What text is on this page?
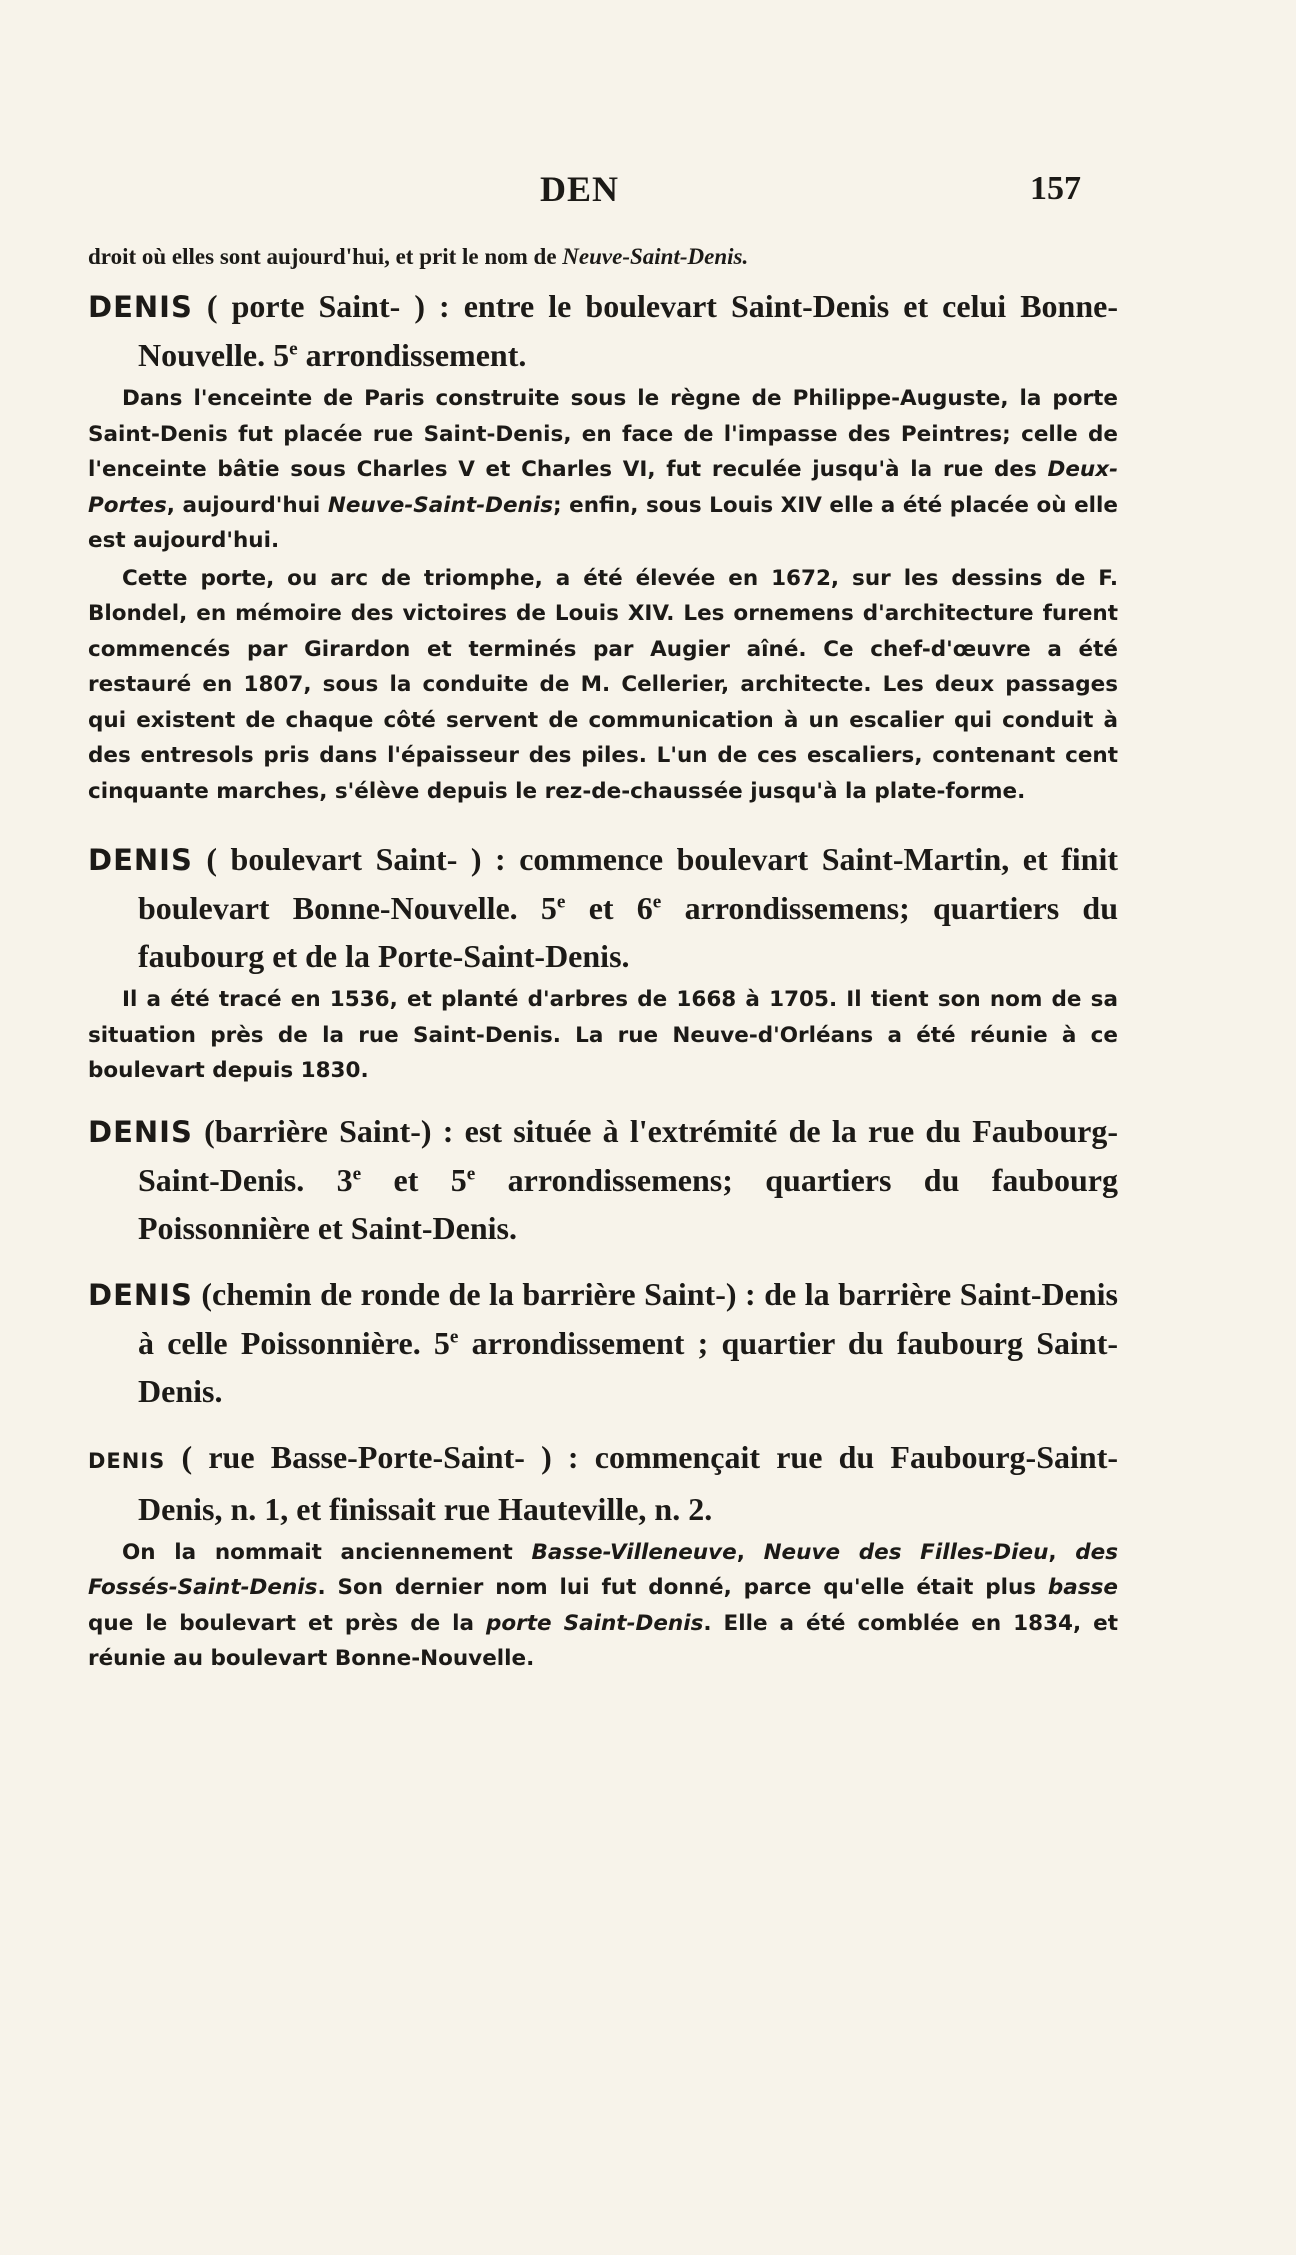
DEN	157
droit où elles sont aujourd'hui, et prit le nom de Neuve-Saint-Denis.
DENIS ( porte Saint- ) : entre le boulevart Saint-Denis et celui Bonne-Nouvelle. 5e arrondissement.

Dans l'enceinte de Paris construite sous le règne de Philippe-Auguste, la porte Saint-Denis fut placée rue Saint-Denis, en face de l'impasse des Peintres; celle de l'enceinte bâtie sous Charles V et Charles VI, fut reculée jusqu'à la rue des Deux-Portes, aujourd'hui Neuve-Saint-Denis; enfin, sous Louis XIV elle a été placée où elle est aujourd'hui.

Cette porte, ou arc de triomphe, a été élevée en 1672, sur les dessins de F. Blondel, en mémoire des victoires de Louis XIV. Les ornemens d'architecture furent commencés par Girardon et terminés par Augier aîné. Ce chef-d'œuvre a été restauré en 1807, sous la conduite de M. Cellerier, architecte. Les deux passages qui existent de chaque côté servent de communication à un escalier qui conduit à des entresols pris dans l'épaisseur des piles. L'un de ces escaliers, contenant cent cinquante marches, s'élève depuis le rez-de-chaussée jusqu'à la plate-forme.

DENIS ( boulevart Saint- ) : commence boulevart Saint-Martin, et finit boulevart Bonne-Nouvelle. 5e et 6e arrondissemens; quartiers du faubourg et de la Porte-Saint-Denis.

Il a été tracé en 1536, et planté d'arbres de 1668 à 1705. Il tient son nom de sa situation près de la rue Saint-Denis. La rue Neuve-d'Orléans a été réunie à ce boulevart depuis 1830.

DENIS (barrière Saint-) : est située à l'extrémité de la rue du Faubourg-Saint-Denis. 3e et 5e arrondissemens; quartiers du faubourg Poissonnière et Saint-Denis.
DENIS (chemin de ronde de la barrière Saint-) : de la barrière Saint-Denis à celle Poissonnière. 5e arrondissement ; quartier du faubourg Saint-Denis.
DENIS ( rue Basse-Porte-Saint- ) : commençait rue du Faubourg-Saint-Denis, n. 1, et finissait rue Hauteville, n. 2.

On la nommait anciennement Basse-Villeneuve, Neuve des Filles-Dieu, des Fossés-Saint-Denis. Son dernier nom lui fut donné, parce qu'elle était plus basse que le boulevart et près de la porte Saint-Denis. Elle a été comblée en 1834, et réunie au boulevart Bonne-Nouvelle.
